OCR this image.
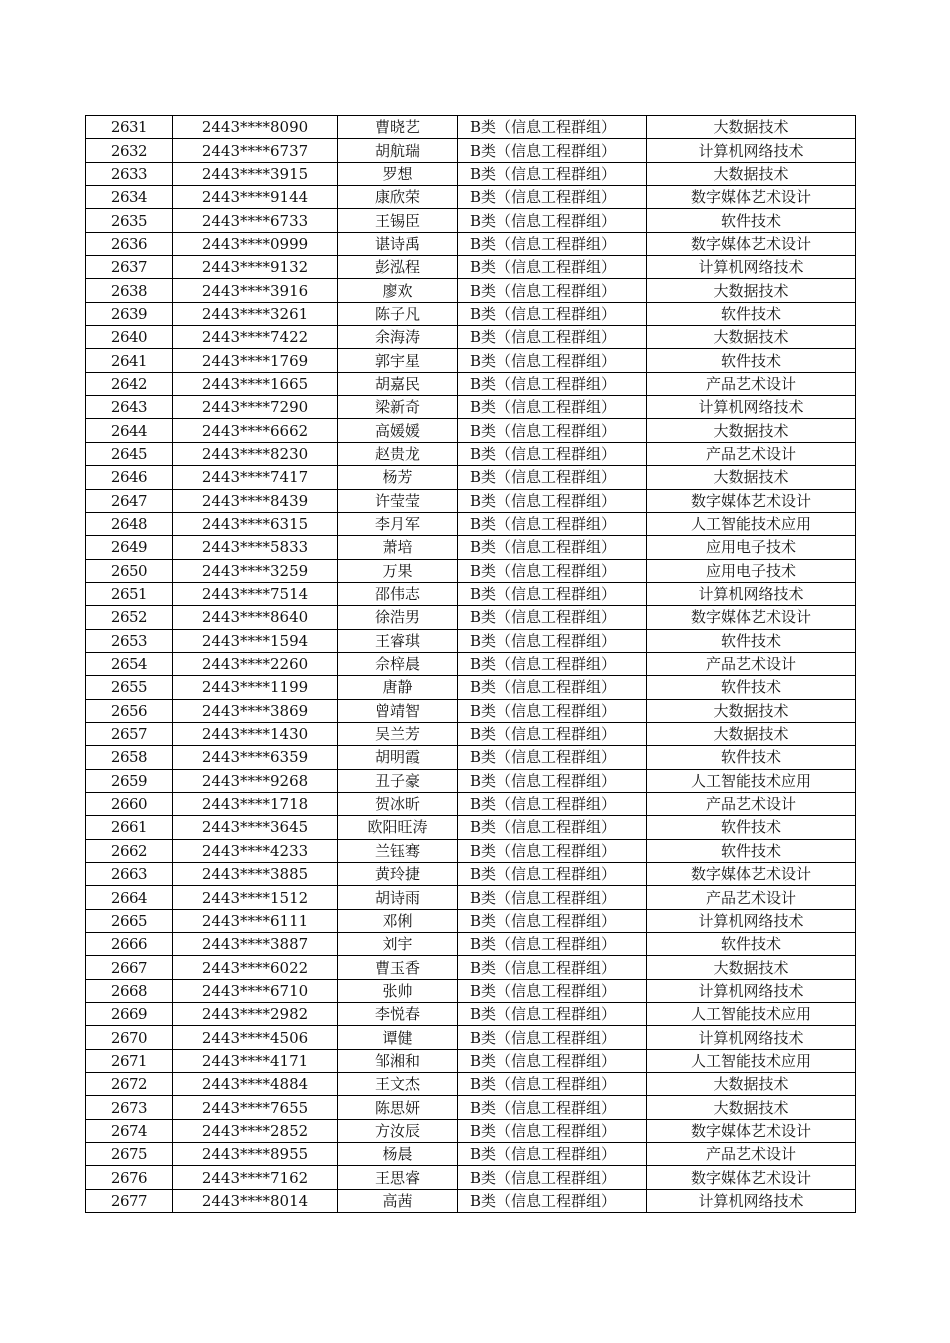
2631	2443****8090	曹晓艺	B类（信息工程群组）	大数据技术
2632	2443****6737	胡航瑞	B类（信息工程群组）	计算机网络技术
2633	2443****3915	罗想	B类（信息工程群组）	大数据技术
2634	2443****9144	康欣荣	B类（信息工程群组）	数字媒体艺术设计
2635	2443****6733	王锡臣	B类（信息工程群组）	软件技术
2636	2443****0999	谌诗禹	B类（信息工程群组）	数字媒体艺术设计
2637	2443****9132	彭泓程	B类（信息工程群组）	计算机网络技术
2638	2443****3916	廖欢	B类（信息工程群组）	大数据技术
2639	2443****3261	陈子凡	B类（信息工程群组）	软件技术
2640	2443****7422	余海涛	B类（信息工程群组）	大数据技术
2641	2443****1769	郭宇星	B类（信息工程群组）	软件技术
2642	2443****1665	胡嘉民	B类（信息工程群组）	产品艺术设计
2643	2443****7290	梁新奇	B类（信息工程群组）	计算机网络技术
2644	2443****6662	高媛媛	B类（信息工程群组）	大数据技术
2645	2443****8230	赵贵龙	B类（信息工程群组）	产品艺术设计
2646	2443****7417	杨芳	B类（信息工程群组）	大数据技术
2647	2443****8439	许莹莹	B类（信息工程群组）	数字媒体艺术设计
2648	2443****6315	李月军	B类（信息工程群组）	人工智能技术应用
2649	2443****5833	萧培	B类（信息工程群组）	应用电子技术
2650	2443****3259	万果	B类（信息工程群组）	应用电子技术
2651	2443****7514	邵伟志	B类（信息工程群组）	计算机网络技术
2652	2443****8640	徐浩男	B类（信息工程群组）	数字媒体艺术设计
2653	2443****1594	王睿琪	B类（信息工程群组）	软件技术
2654	2443****2260	佘梓晨	B类（信息工程群组）	产品艺术设计
2655	2443****1199	唐静	B类（信息工程群组）	软件技术
2656	2443****3869	曾靖智	B类（信息工程群组）	大数据技术
2657	2443****1430	吴兰芳	B类（信息工程群组）	大数据技术
2658	2443****6359	胡明霞	B类（信息工程群组）	软件技术
2659	2443****9268	丑子豪	B类（信息工程群组）	人工智能技术应用
2660	2443****1718	贺冰昕	B类（信息工程群组）	产品艺术设计
2661	2443****3645	欧阳旺涛	B类（信息工程群组）	软件技术
2662	2443****4233	兰钰骞	B类（信息工程群组）	软件技术
2663	2443****3885	黄玲捷	B类（信息工程群组）	数字媒体艺术设计
2664	2443****1512	胡诗雨	B类（信息工程群组）	产品艺术设计
2665	2443****6111	邓俐	B类（信息工程群组）	计算机网络技术
2666	2443****3887	刘宇	B类（信息工程群组）	软件技术
2667	2443****6022	曹玉香	B类（信息工程群组）	大数据技术
2668	2443****6710	张帅	B类（信息工程群组）	计算机网络技术
2669	2443****2982	李悦春	B类（信息工程群组）	人工智能技术应用
2670	2443****4506	谭健	B类（信息工程群组）	计算机网络技术
2671	2443****4171	邹湘和	B类（信息工程群组）	人工智能技术应用
2672	2443****4884	王文杰	B类（信息工程群组）	大数据技术
2673	2443****7655	陈思妍	B类（信息工程群组）	大数据技术
2674	2443****2852	方汝辰	B类（信息工程群组）	数字媒体艺术设计
2675	2443****8955	杨晨	B类（信息工程群组）	产品艺术设计
2676	2443****7162	王思睿	B类（信息工程群组）	数字媒体艺术设计
2677	2443****8014	高茜	B类（信息工程群组）	计算机网络技术
